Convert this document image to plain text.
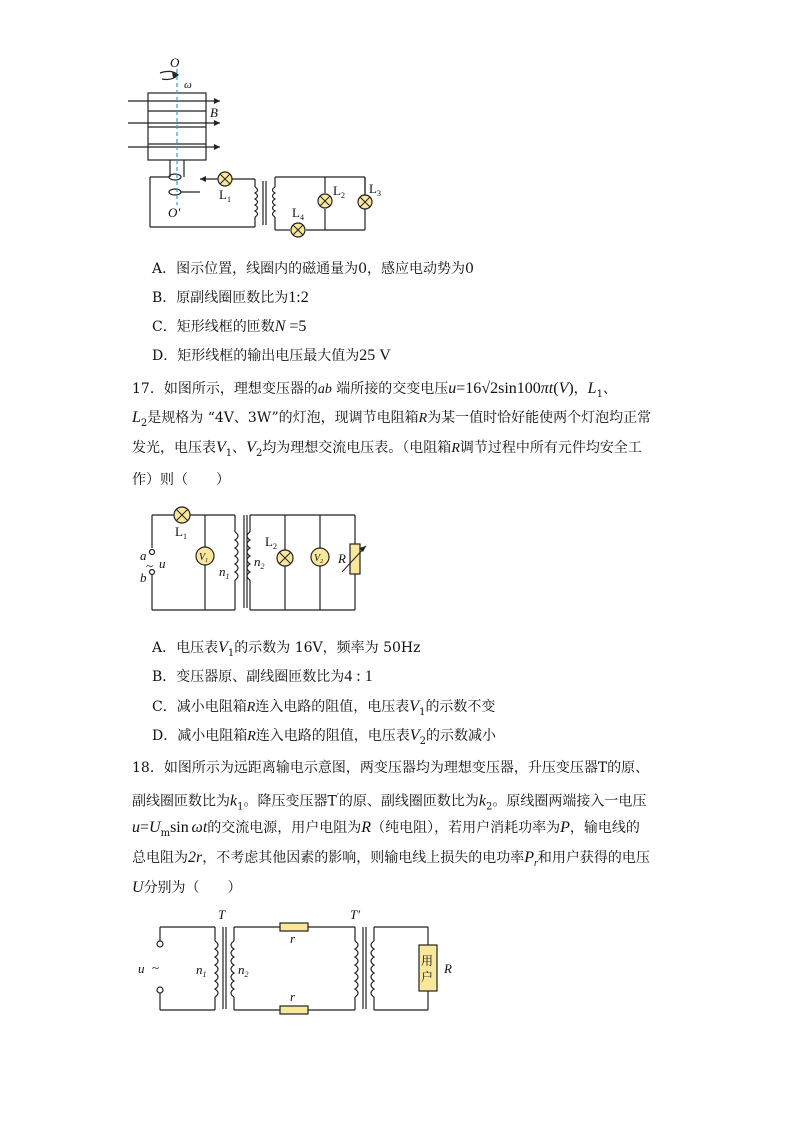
O
ω
B
O'
$L_1$
$L_2$ $L_3$
$L_4$
A．图示位置，线圈内的磁通量为0，感应电动势为0
B．原副线圈匝数比为1:2
C．矩形线框的匝数N =5
D．矩形线框的输出电压最大值为25 V
17．如图所示，理想变压器的ab 端所接的交变电压u=16√2sin100πt(V)，$L_1$、
$L_2$是规格为 “4V、3W”的灯泡，现调节电阻箱R为某一值时恰好能使两个灯泡均正常
发光，电压表$V_1$、$V_2$均为理想交流电压表。（电阻箱R调节过程中所有元件均安全工
作）则（　　）
$L_1$
$V_1$
$n_1$
$n_2$
$L_2$
$V_2$ R
a
~ u
b
A．电压表$V_1$的示数为 16V，频率为 50Hz
B．变压器原、副线圈匝数比为4 : 1
C．减小电阻箱R连入电路的阻值，电压表$V_1$的示数不变
D．减小电阻箱R连入电路的阻值，电压表$V_2$的示数减小
18．如图所示为远距离输电示意图，两变压器均为理想变压器，升压变压器T的原、
副线圈匝数比为$k_1$。降压变压器T′的原、副线圈匝数比为$k_2$。原线圈两端接入一电压
$u=U_m\sin$  ωt的交流电源，用户电阻为R（纯电阻），若用户消耗功率为P，输电线的
总电阻为2r，不考虑其他因素的影响，则输电线上损失的电功率$P_r$和用户获得的电压
U分别为（　　）
T	T′
u ~	$n_1$ $n_2$
r
r
用
户
R
